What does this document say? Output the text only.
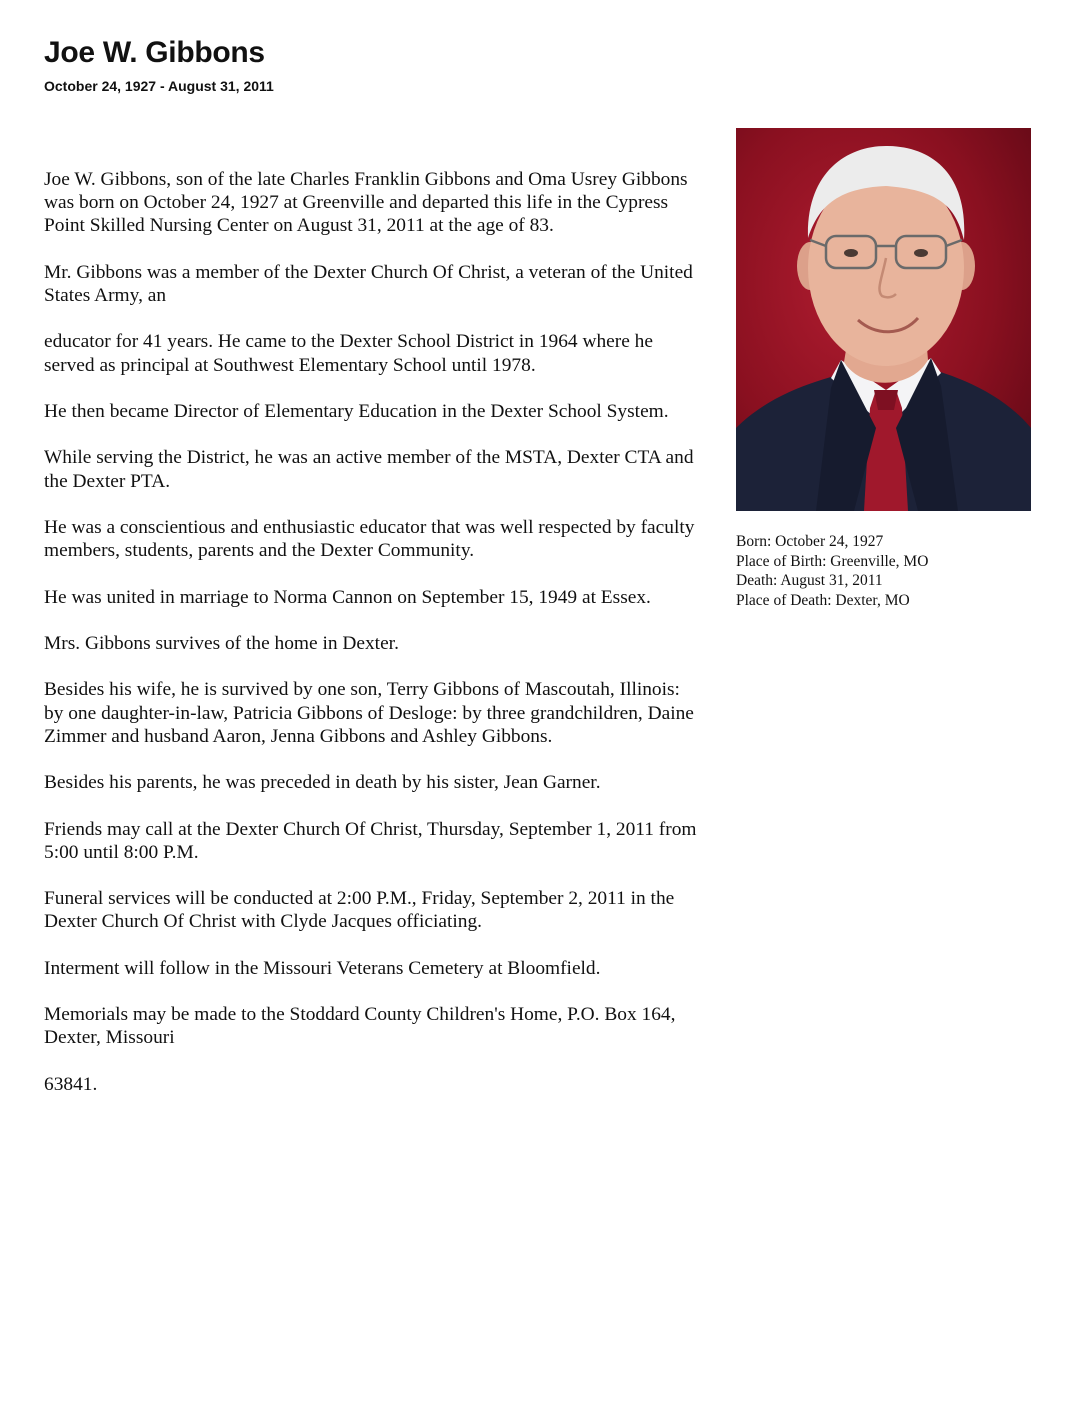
Joe W. Gibbons
October 24, 1927 - August 31, 2011

Joe W. Gibbons, son of the late Charles Franklin Gibbons and Oma Usrey Gibbons was born on October 24, 1927 at Greenville and departed this life in the Cypress Point Skilled Nursing Center on August 31, 2011 at the age of 83.

Mr. Gibbons was a member of the Dexter Church Of Christ, a veteran of the United States Army, an

educator for 41 years. He came to the Dexter School District in 1964 where he served as principal at Southwest Elementary School until 1978.

He then became Director of Elementary Education in the Dexter School System.

While serving the District, he was an active member of the MSTA, Dexter CTA and the Dexter PTA.

He was a conscientious and enthusiastic educator that was well respected by faculty members, students, parents and the Dexter Community.

He was united in marriage to Norma Cannon on September 15, 1949 at Essex.

Mrs. Gibbons survives of the home in Dexter.

Besides his wife, he is survived by one son, Terry Gibbons of Mascoutah, Illinois: by one daughter-in-law, Patricia Gibbons of Desloge: by three grandchildren, Daine Zimmer and husband Aaron, Jenna Gibbons and Ashley Gibbons.

Besides his parents, he was preceded in death by his sister, Jean Garner.

Friends may call at the Dexter Church Of Christ, Thursday, September 1, 2011 from 5:00 until 8:00 P.M.

Funeral services will be conducted at 2:00 P.M., Friday, September 2, 2011 in the Dexter Church Of Christ with Clyde Jacques officiating.

Interment will follow in the Missouri Veterans Cemetery at Bloomfield.

Memorials may be made to the Stoddard County Children's Home, P.O. Box 164, Dexter, Missouri

63841.

Born: October 24, 1927
Place of Birth: Greenville, MO
Death: August 31, 2011
Place of Death: Dexter, MO
